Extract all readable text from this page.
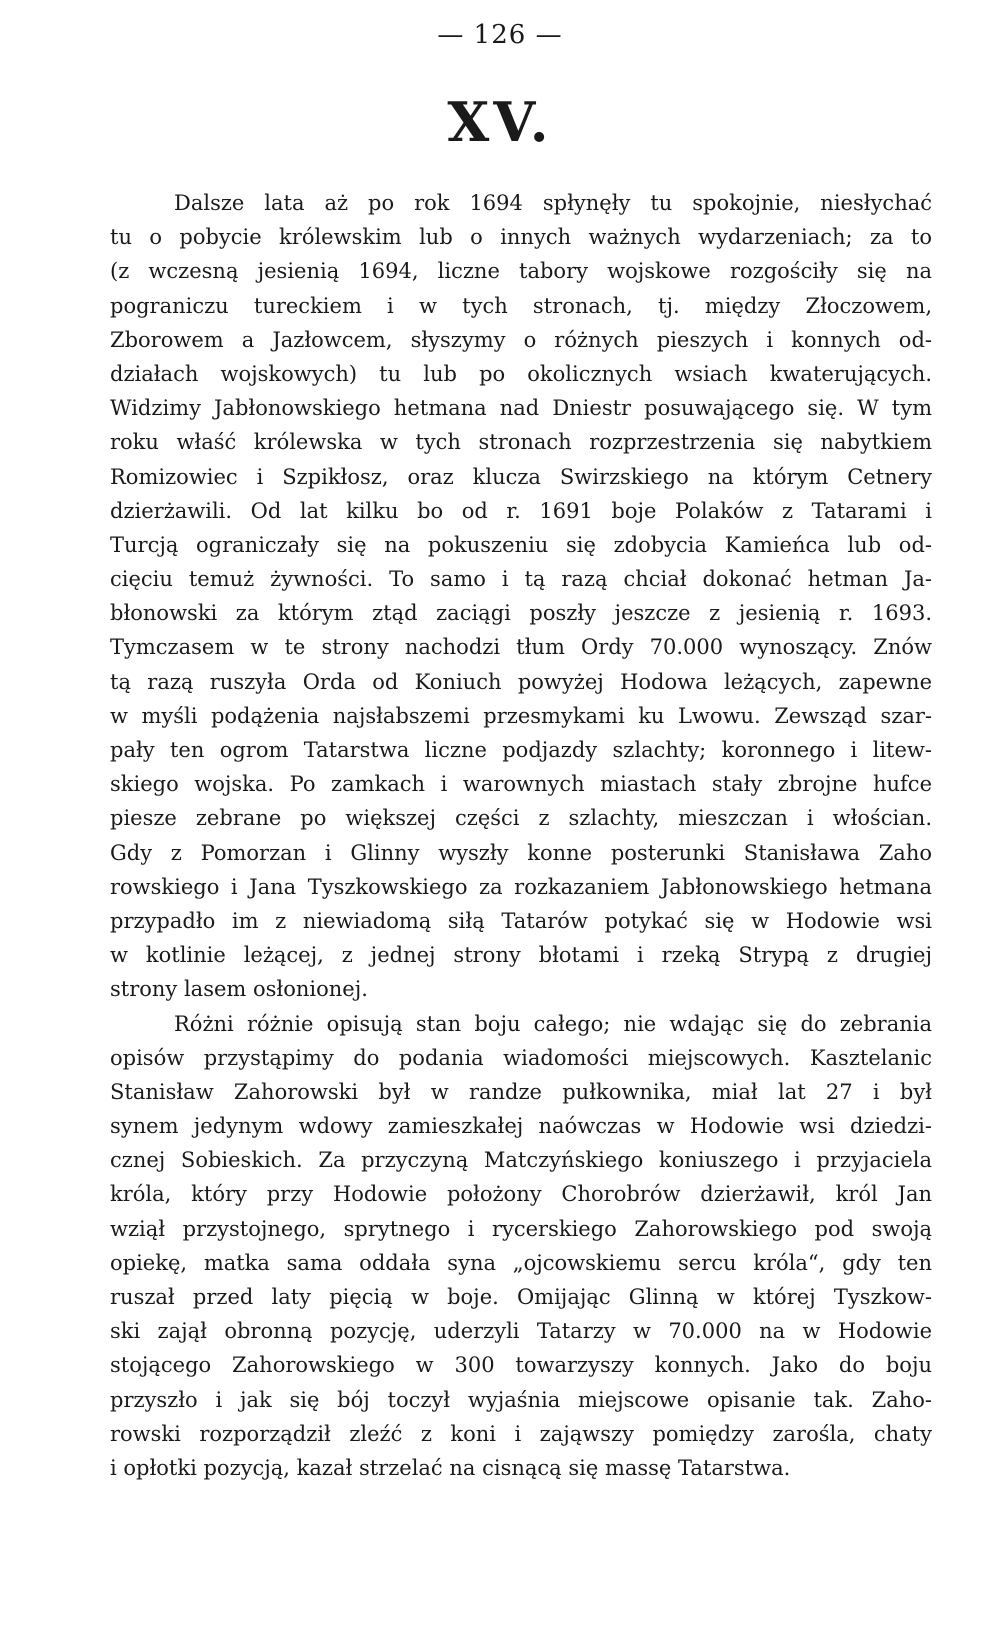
— 126 —
XV.
Dalsze lata aż po rok 1694 spłynęły tu spokojnie, niesłychać
tu o pobycie królewskim lub o innych ważnych wydarzeniach; za to
(z wczesną jesienią 1694, liczne tabory wojskowe rozgościły się na
pograniczu tureckiem i w tych stronach, tj. między Złoczowem,
Zborowem a Jazłowcem, słyszymy o różnych pieszych i konnych od-
działach wojskowych) tu lub po okolicznych wsiach kwaterujących.
Widzimy Jabłonowskiego hetmana nad Dniestr posuwającego się. W tym
roku właść królewska w tych stronach rozprzestrzenia się nabytkiem
Romizowiec i Szpikłosz, oraz klucza Swirzskiego na którym Cetnery
dzierżawili. Od lat kilku bo od r. 1691 boje Polaków z Tatarami i
Turcją ograniczały się na pokuszeniu się zdobycia Kamieńca lub od-
cięciu temuż żywności. To samo i tą razą chciał dokonać hetman Ja-
błonowski za którym ztąd zaciągi poszły jeszcze z jesienią r. 1693.
Tymczasem w te strony nachodzi tłum Ordy 70.000 wynoszący. Znów
tą razą ruszyła Orda od Koniuch powyżej Hodowa leżących, zapewne
w myśli podążenia najsłabszemi przesmykami ku Lwowu. Zewsząd szar-
pały ten ogrom Tatarstwa liczne podjazdy szlachty; koronnego i litew-
skiego wojska. Po zamkach i warownych miastach stały zbrojne hufce
piesze zebrane po większej części z szlachty, mieszczan i włościan.
Gdy z Pomorzan i Glinny wyszły konne posterunki Stanisława Zaho
rowskiego i Jana Tyszkowskiego za rozkazaniem Jabłonowskiego hetmana
przypadło im z niewiadomą siłą Tatarów potykać się w Hodowie wsi
w kotlinie leżącej, z jednej strony błotami i rzeką Strypą z drugiej
strony lasem osłonionej.
Różni różnie opisują stan boju całego; nie wdając się do zebrania
opisów przystąpimy do podania wiadomości miejscowych. Kasztelanic
Stanisław Zahorowski był w randze pułkownika, miał lat 27 i był
synem jedynym wdowy zamieszkałej naówczas w Hodowie wsi dziedzi-
cznej Sobieskich. Za przyczyną Matczyńskiego koniuszego i przyjaciela
króla, który przy Hodowie położony Chorobrów dzierżawił, król Jan
wziął przystojnego, sprytnego i rycerskiego Zahorowskiego pod swoją
opiekę, matka sama oddała syna „ojcowskiemu sercu króla“, gdy ten
ruszał przed laty pięcią w boje. Omijając Glinną w której Tyszkow-
ski zajął obronną pozycję, uderzyli Tatarzy w 70.000 na w Hodowie
stojącego Zahorowskiego w 300 towarzyszy konnych. Jako do boju
przyszło i jak się bój toczył wyjaśnia miejscowe opisanie tak. Zaho-
rowski rozporządził zleźć z koni i zająwszy pomiędzy zarośla, chaty
i opłotki pozycją, kazał strzelać na cisnącą się massę Tatarstwa.
